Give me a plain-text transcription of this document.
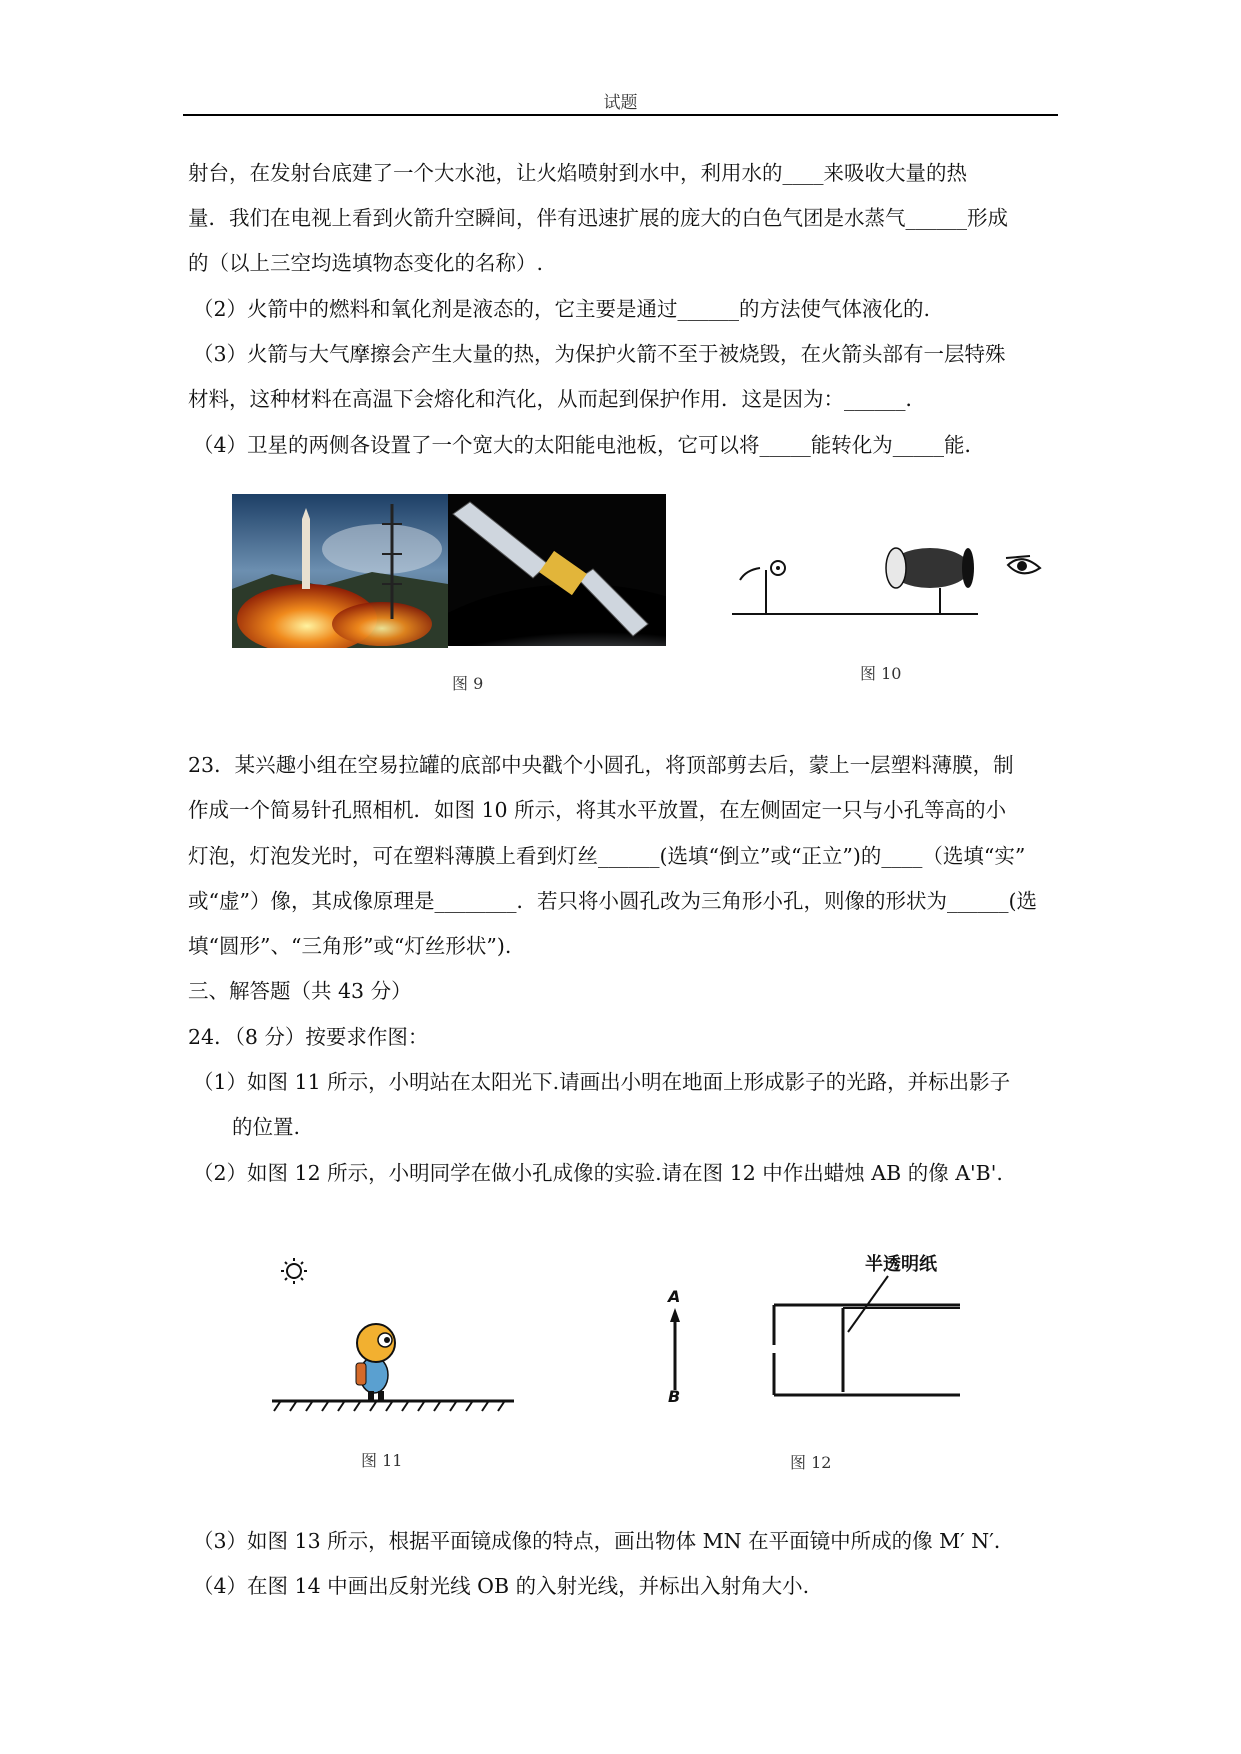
试题
射台，在发射台底建了一个大水池，让火焰喷射到水中，利用水的____来吸收大量的热
量．我们在电视上看到火箭升空瞬间，伴有迅速扩展的庞大的白色气团是水蒸气______形成
的（以上三空均选填物态变化的名称）.
（2）火箭中的燃料和氧化剂是液态的，它主要是通过______的方法使气体液化的.
（3）火箭与大气摩擦会产生大量的热，为保护火箭不至于被烧毁，在火箭头部有一层特殊
材料，这种材料在高温下会熔化和汽化，从而起到保护作用．这是因为：______．
（4）卫星的两侧各设置了一个宽大的太阳能电池板，它可以将_____能转化为_____能．
图 9
图 10
23．某兴趣小组在空易拉罐的底部中央戳个小圆孔，将顶部剪去后，蒙上一层塑料薄膜，制
作成一个简易针孔照相机．如图 10 所示，将其水平放置，在左侧固定一只与小孔等高的小
灯泡，灯泡发光时，可在塑料薄膜上看到灯丝______(选填“倒立”或“正立”)的____（选填“实”
或“虚”）像，其成像原理是________．若只将小圆孔改为三角形小孔，则像的形状为______(选
填“圆形”、“三角形”或“灯丝形状”).
三、解答题（共 43 分）
24．（8 分）按要求作图：
（1）如图 11 所示，小明站在太阳光下.请画出小明在地面上形成影子的光路，并标出影子
的位置.
（2）如图 12 所示，小明同学在做小孔成像的实验.请在图 12 中作出蜡烛 AB 的像 A'B'.
图 11
A
B
半透明纸
图 12
（3）如图 13 所示，根据平面镜成像的特点，画出物体 MN 在平面镜中所成的像 M′ N′．
（4）在图 14 中画出反射光线 OB 的入射光线，并标出入射角大小.
